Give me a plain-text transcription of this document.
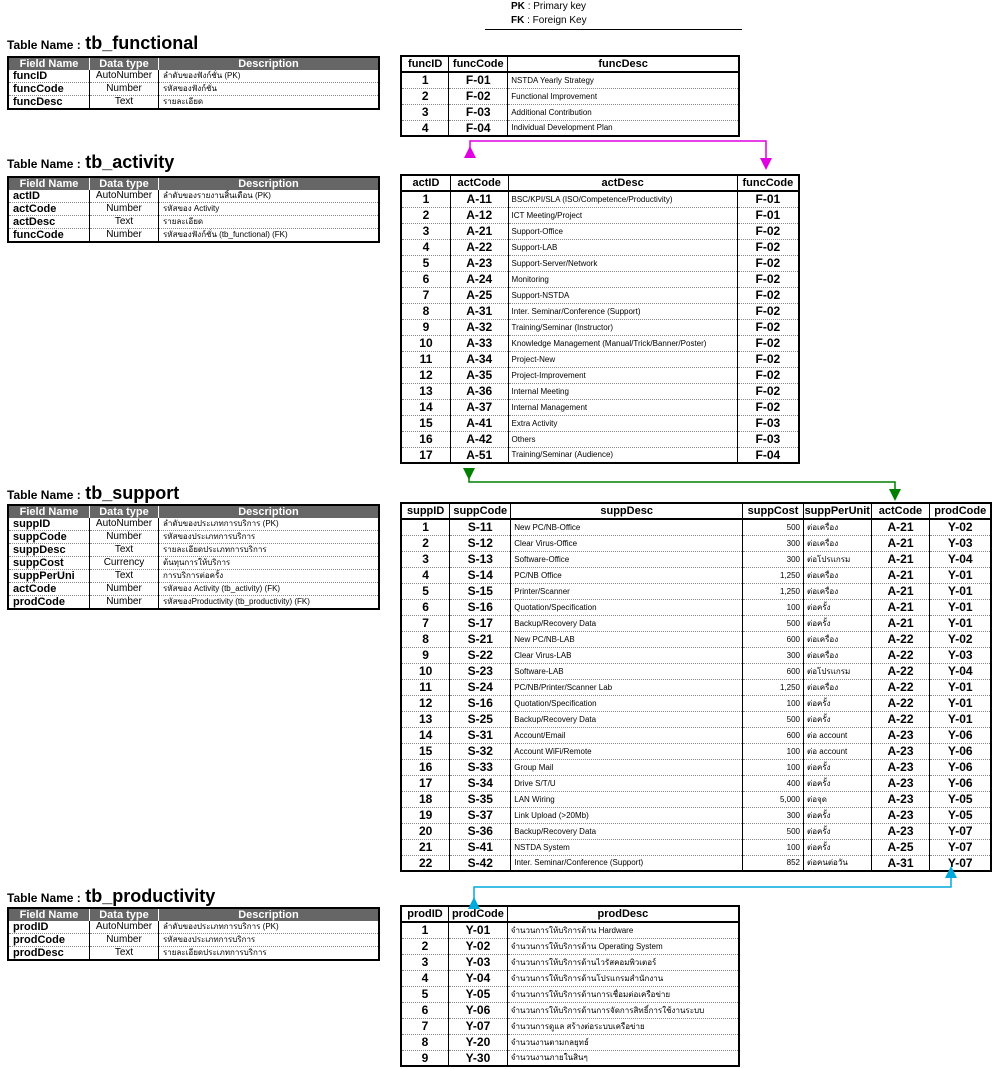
PK : Primary key
FK : Foreign Key
Table Name : tb_functional
Table Name : tb_activity
Table Name : tb_support
Table Name : tb_productivity
Field Name	Data type	Description
funcID	AutoNumber	ลำดับของฟังก์ชั่น (PK)
funcCode	Number	รหัสของฟังก์ชั่น
funcDesc	Text	รายละเอียด
Field Name	Data type	Description
actID	AutoNumber	ลำดับของรายงานสิ้นเดือน (PK)
actCode	Number	รหัสของ Activity
actDesc	Text	รายละเอียด
funcCode	Number	รหัสของฟังก์ชั่น (tb_functional) (FK)
Field Name	Data type	Description
suppID	AutoNumber	ลำดับของประเภทการบริการ (PK)
suppCode	Number	รหัสของประเภทการบริการ
suppDesc	Text	รายละเอียดประเภทการบริการ
suppCost	Currency	ต้นทุนการให้บริการ
suppPerUni	Text	การบริการต่อครั้ง
actCode	Number	รหัสของ Activity (tb_activity) (FK)
prodCode	Number	รหัสของProductivity (tb_productivity) (FK)
Field Name	Data type	Description
prodID	AutoNumber	ลำดับของประเภทการบริการ (PK)
prodCode	Number	รหัสของประเภทการบริการ
prodDesc	Text	รายละเอียดประเภทการบริการ
funcID	funcCode	funcDesc
1	F-01	NSTDA Yearly Strategy
2	F-02	Functional Improvement
3	F-03	Additional Contribution
4	F-04	Individual Development Plan
actID	actCode	actDesc	funcCode
1	A-11	BSC/KPI/SLA (ISO/Competence/Productivity)	F-01
2	A-12	ICT Meeting/Project	F-01
3	A-21	Support-Office	F-02
4	A-22	Support-LAB	F-02
5	A-23	Support-Server/Network	F-02
6	A-24	Monitoring	F-02
7	A-25	Support-NSTDA	F-02
8	A-31	Inter. Seminar/Conference (Support)	F-02
9	A-32	Training/Seminar (Instructor)	F-02
10	A-33	Knowledge Management (Manual/Trick/Banner/Poster)	F-02
11	A-34	Project-New	F-02
12	A-35	Project-Improvement	F-02
13	A-36	Internal Meeting	F-02
14	A-37	Internal Management	F-02
15	A-41	Extra Activity	F-03
16	A-42	Others	F-03
17	A-51	Training/Seminar (Audience)	F-04
suppID	suppCode	suppDesc	suppCost	suppPerUnit	actCode	prodCode
1	S-11	New PC/NB-Office	500	ต่อเครื่อง	A-21	Y-02
2	S-12	Clear Virus-Office	300	ต่อเครื่อง	A-21	Y-03
3	S-13	Software-Office	300	ต่อโปรแกรม	A-21	Y-04
4	S-14	PC/NB Office	1,250	ต่อเครื่อง	A-21	Y-01
5	S-15	Printer/Scanner	1,250	ต่อเครื่อง	A-21	Y-01
6	S-16	Quotation/Specification	100	ต่อครั้ง	A-21	Y-01
7	S-17	Backup/Recovery Data	500	ต่อครั้ง	A-21	Y-01
8	S-21	New PC/NB-LAB	600	ต่อเครื่อง	A-22	Y-02
9	S-22	Clear Virus-LAB	300	ต่อเครื่อง	A-22	Y-03
10	S-23	Software-LAB	600	ต่อโปรแกรม	A-22	Y-04
11	S-24	PC/NB/Printer/Scanner Lab	1,250	ต่อเครื่อง	A-22	Y-01
12	S-16	Quotation/Specification	100	ต่อครั้ง	A-22	Y-01
13	S-25	Backup/Recovery Data	500	ต่อครั้ง	A-22	Y-01
14	S-31	Account/Email	600	ต่อ account	A-23	Y-06
15	S-32	Account WiFi/Remote	100	ต่อ account	A-23	Y-06
16	S-33	Group Mail	100	ต่อครั้ง	A-23	Y-06
17	S-34	Drive S/T/U	400	ต่อครั้ง	A-23	Y-06
18	S-35	LAN Wiring	5,000	ต่อจุด	A-23	Y-05
19	S-37	Link Upload (>20Mb)	300	ต่อครั้ง	A-23	Y-05
20	S-36	Backup/Recovery Data	500	ต่อครั้ง	A-23	Y-07
21	S-41	NSTDA System	100	ต่อครั้ง	A-25	Y-07
22	S-42	Inter. Seminar/Conference (Support)	852	ต่อคนต่อวัน	A-31	Y-07
prodID	prodCode	prodDesc
1	Y-01	จำนวนการให้บริการด้าน Hardware
2	Y-02	จำนวนการให้บริการด้าน Operating System
3	Y-03	จำนวนการให้บริการด้านไวรัสคอมพิวเตอร์
4	Y-04	จำนวนการให้บริการด้านโปรแกรมสำนักงาน
5	Y-05	จำนวนการให้บริการด้านการเชื่อมต่อเครือข่าย
6	Y-06	จำนวนการให้บริการด้านการจัดการสิทธิ์การใช้งานระบบ
7	Y-07	จำนวนการดูแล สร้างต่อระบบเครือข่าย
8	Y-20	จำนวนงานตามกลยุทธ์
9	Y-30	จำนวนงานภายในสินๆ
